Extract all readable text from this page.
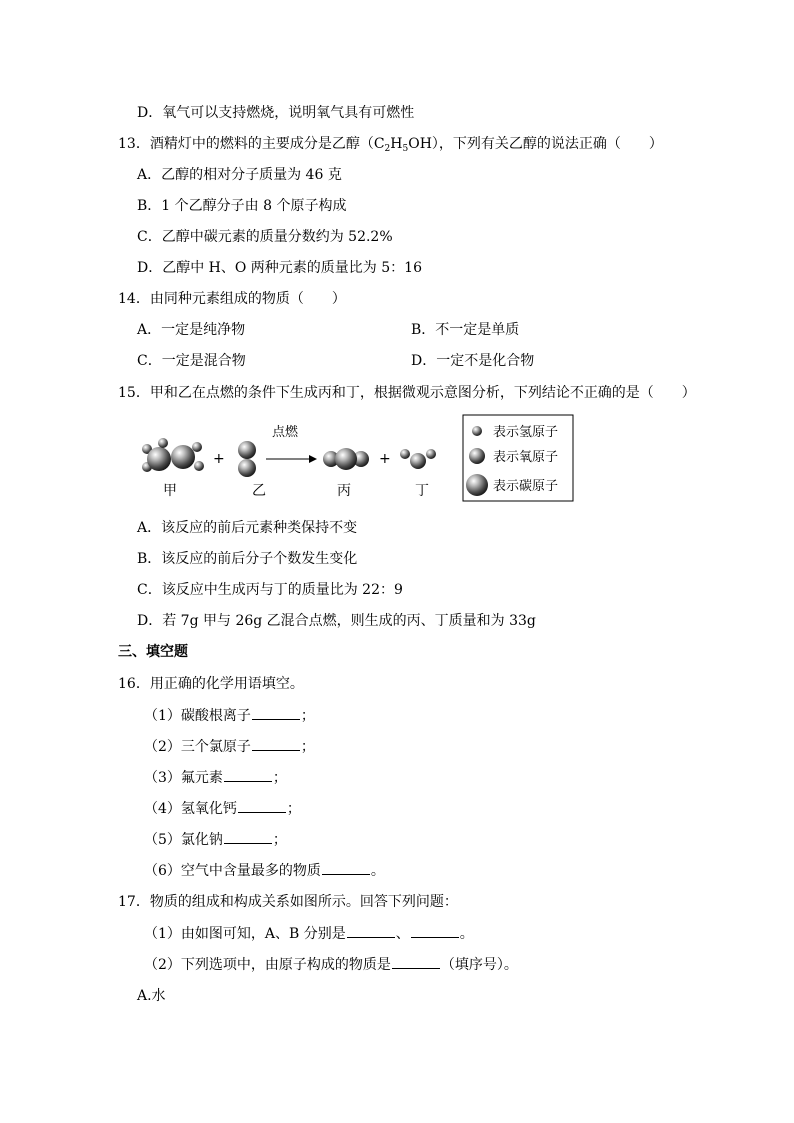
D．氧气可以支持燃烧，说明氧气具有可燃性
13．酒精灯中的燃料的主要成分是乙醇$(C_2H_5OH)$，下列有关乙醇的说法正确（　　）
A．乙醇的相对分子质量为 46 克
B．1 个乙醇分子由 8 个原子构成
C．乙醇中碳元素的质量分数约为 52.2%
D．乙醇中 H、O 两种元素的质量比为 5：16
14．由同种元素组成的物质（　　）
A．一定是纯净物	B．不一定是单质
C．一定是混合物	D．一定不是化合物
15．甲和乙在点燃的条件下生成丙和丁，根据微观示意图分析，下列结论不正确的是（　　）
+
点燃
+
甲	乙	丙	丁
表示氢原子
表示氧原子
表示碳原子
A．该反应的前后元素种类保持不变
B．该反应的前后分子个数发生变化
C．该反应中生成丙与丁的质量比为 22：9
D．若 7g 甲与 26g 乙混合点燃，则生成的丙、丁质量和为 33g
三、填空题
16．用正确的化学用语填空。
（1）碳酸根离子	；
（2）三个氯原子	；
（3）氟元素	；
（4）氢氧化钙	；
（5）氯化钠	；
（6）空气中含量最多的物质	。
17．物质的组成和构成关系如图所示。回答下列问题：
（1）由如图可知，A、B 分别是	、	。
（2）下列选项中，由原子构成的物质是	（填序号）。
A.水
